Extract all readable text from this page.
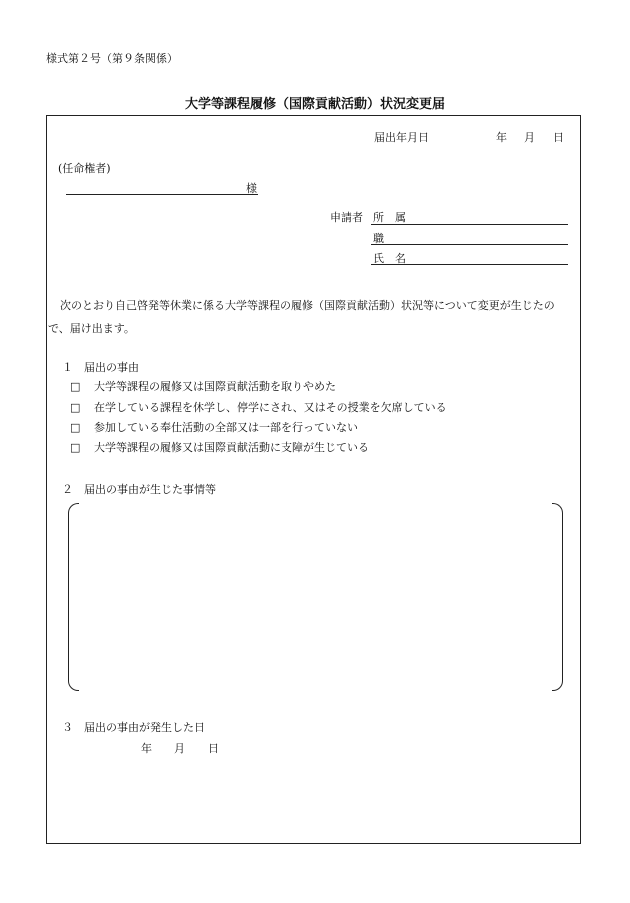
様式第２号（第９条関係）
大学等課程履修（国際貢献活動）状況変更届
届出年月日	年 月 日
(任命権者)
様
申請者 所　属
職
氏　名
次のとおり自己啓発等休業に係る大学等課程の履修（国際貢献活動）状況等について変更が生じたの
で、届け出ます。
１　届出の事由
□ 大学等課程の履修又は国際貢献活動を取りやめた
□ 在学している課程を休学し、停学にされ、又はその授業を欠席している
□ 参加している奉仕活動の全部又は一部を行っていない
□ 大学等課程の履修又は国際貢献活動に支障が生じている
２　届出の事由が生じた事情等
３　届出の事由が発生した日
年 月 日
